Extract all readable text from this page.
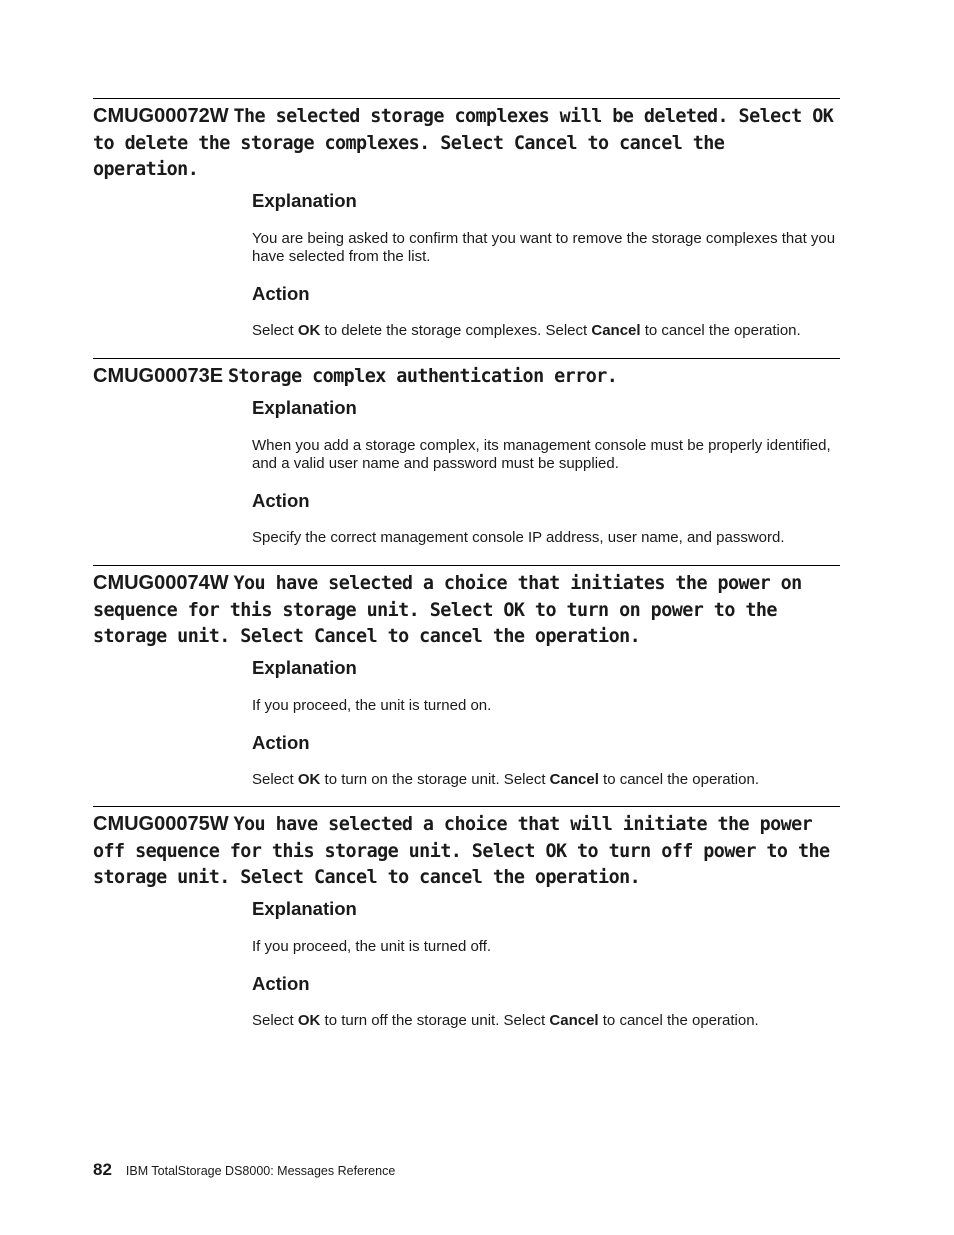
CMUG00072W The selected storage complexes will be deleted. Select OK to delete the storage complexes. Select Cancel to cancel the operation.

Explanation

You are being asked to confirm that you want to remove the storage complexes that you have selected from the list.

Action

Select OK to delete the storage complexes. Select Cancel to cancel the operation.

CMUG00073E Storage complex authentication error.

Explanation

When you add a storage complex, its management console must be properly identified, and a valid user name and password must be supplied.

Action

Specify the correct management console IP address, user name, and password.

CMUG00074W You have selected a choice that initiates the power on sequence for this storage unit. Select OK to turn on power to the storage unit. Select Cancel to cancel the operation.

Explanation

If you proceed, the unit is turned on.

Action

Select OK to turn on the storage unit. Select Cancel to cancel the operation.

CMUG00075W You have selected a choice that will initiate the power off sequence for this storage unit. Select OK to turn off power to the storage unit. Select Cancel to cancel the operation.

Explanation

If you proceed, the unit is turned off.

Action

Select OK to turn off the storage unit. Select Cancel to cancel the operation.

82 IBM TotalStorage DS8000: Messages Reference
